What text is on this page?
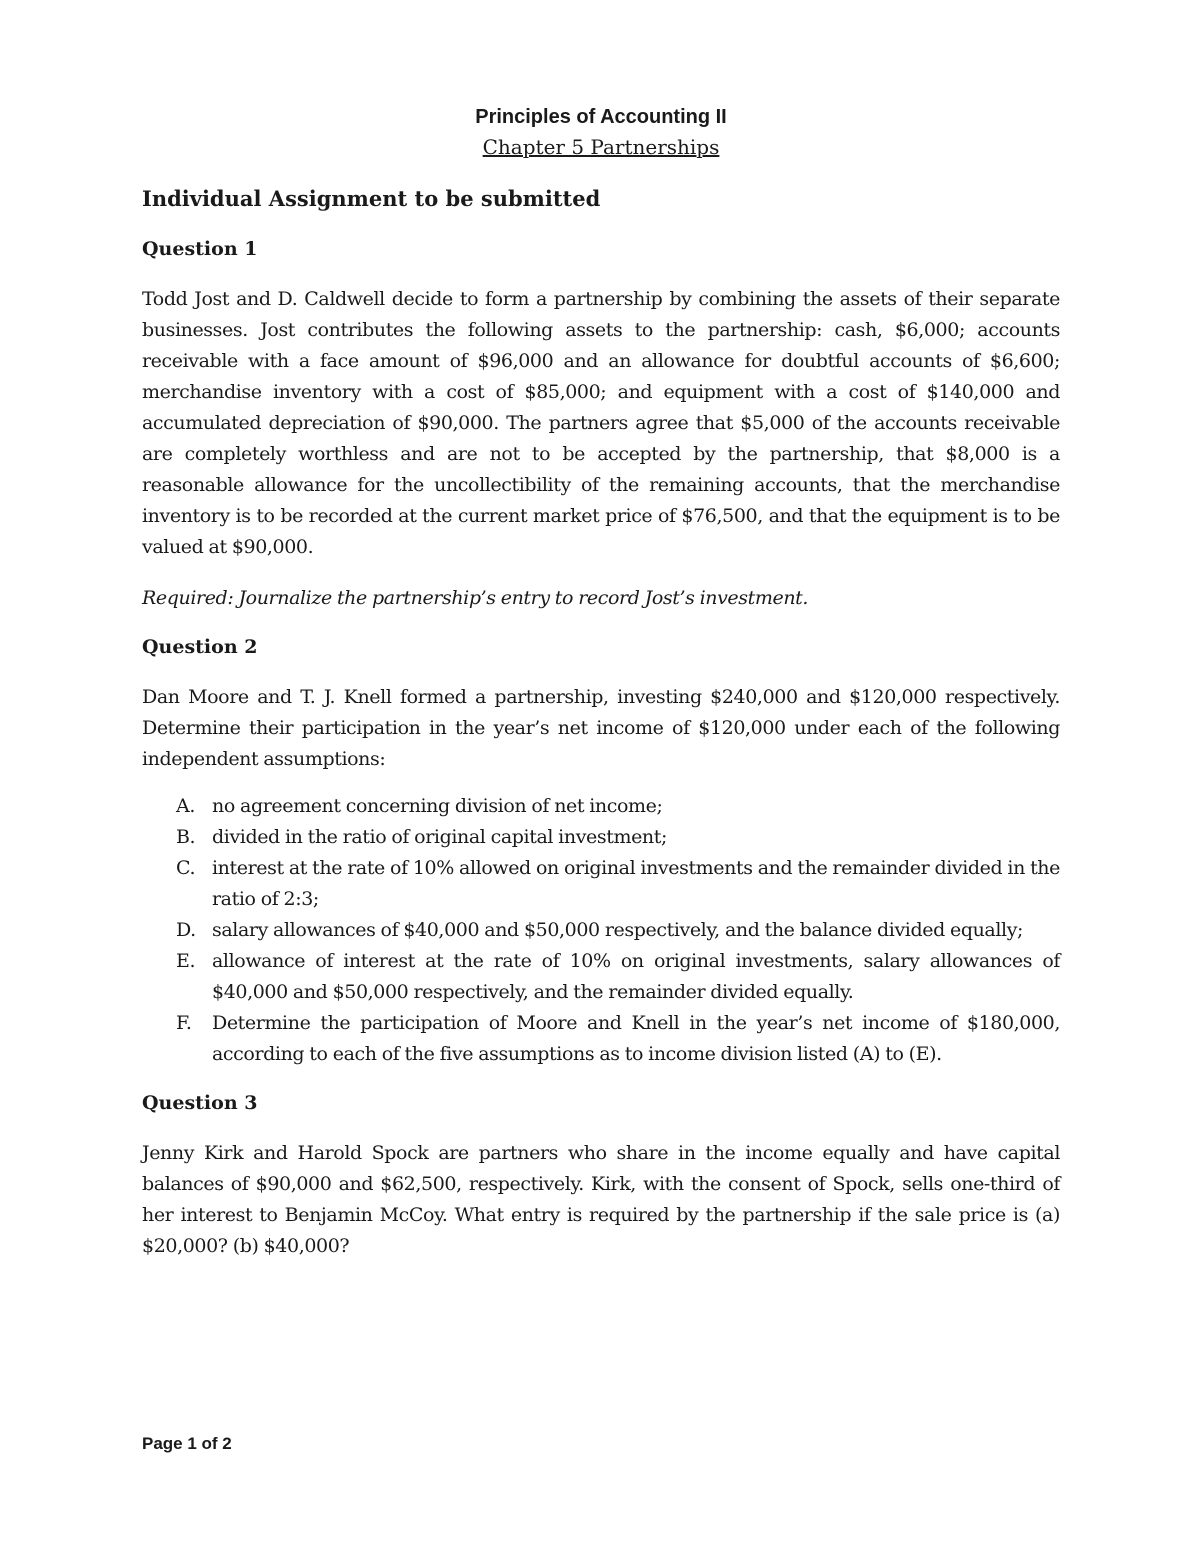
Principles of Accounting II

Chapter 5 Partnerships

Individual Assignment to be submitted

Question 1

Todd Jost and D. Caldwell decide to form a partnership by combining the assets of their separate businesses. Jost contributes the following assets to the partnership: cash, $6,000; accounts receivable with a face amount of $96,000 and an allowance for doubtful accounts of $6,600; merchandise inventory with a cost of $85,000; and equipment with a cost of $140,000 and accumulated depreciation of $90,000. The partners agree that $5,000 of the accounts receivable are completely worthless and are not to be accepted by the partnership, that $8,000 is a reasonable allowance for the uncollectibility of the remaining accounts, that the merchandise inventory is to be recorded at the current market price of $76,500, and that the equipment is to be valued at $90,000.

Required: Journalize the partnership’s entry to record Jost’s investment.

Question 2

Dan Moore and T. J. Knell formed a partnership, investing $240,000 and $120,000 respectively. Determine their participation in the year’s net income of $120,000 under each of the following independent assumptions:

A. no agreement concerning division of net income;
B. divided in the ratio of original capital investment;
C. interest at the rate of 10% allowed on original investments and the remainder divided in the ratio of 2:3;
D. salary allowances of $40,000 and $50,000 respectively, and the balance divided equally;
E. allowance of interest at the rate of 10% on original investments, salary allowances of $40,000 and $50,000 respectively, and the remainder divided equally.
F.	Determine the participation of Moore and Knell in the year’s net income of $180,000, according to each of the five assumptions as to income division listed (A) to (E).

Question 3

Jenny Kirk and Harold Spock are partners who share in the income equally and have capital balances of $90,000 and $62,500, respectively. Kirk, with the consent of Spock, sells one-third of her interest to Benjamin McCoy. What entry is required by the partnership if the sale price is (a) $20,000? (b) $40,000?

Page 1 of 2
